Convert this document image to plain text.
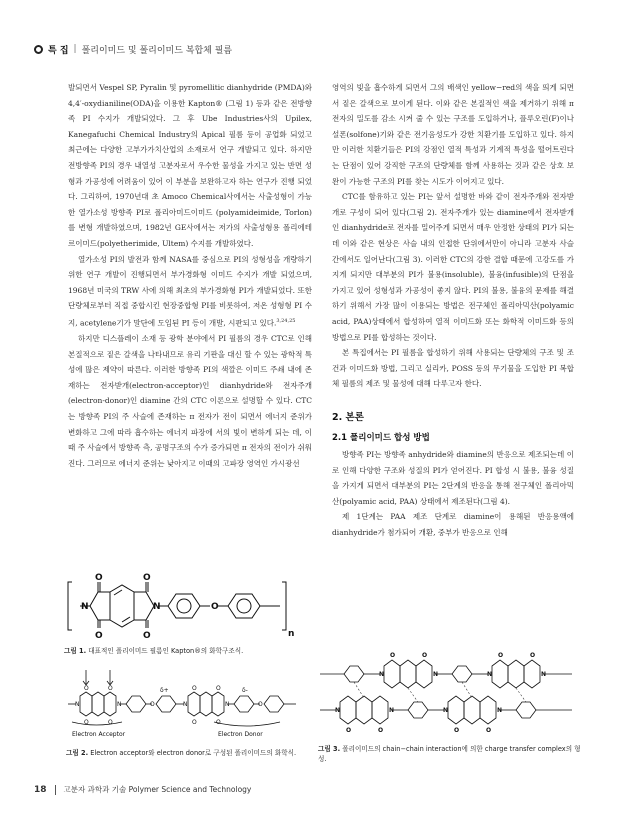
특 집 | 폴리이미드 및 폴리이미드 복합체 필름

발되면서 Vespel SP, Pyralin 및 pyromellitic dianhydride (PMDA)와 4,4′-oxydianiline(ODA)을 이용한 Kapton® (그림 1) 등과 같은 전방향족 PI 수지가 개발되었다. 그 후 Ube Industries사의 Upilex, Kanegafuchi Chemical Industry의 Apical 필름 등이 공업화 되었고 최근에는 다양한 고부가가치산업의 소재로서 연구 개발되고 있다. 하지만 전방향족 PI의 경우 내열성 고분자로서 우수한 물성을 가지고 있는 반면 성형과 가공성에 어려움이 있어 이 부분을 보완하고자 하는 연구가 진행 되었다. 그리하여, 1970년대 초 Amoco Chemical사에서는 사출성형이 가능한 열가소성 방향족 PI로 폴리아미드이미드 (polyamideimide, Torlon)를 변형 개발하였으며, 1982년 GE사에서는 저가의 사출성형용 폴리에테르이미드(polyetherimide, Ultem) 수지를 개발하였다.

열가소성 PI의 발전과 함께 NASA를 중심으로 PI의 성형성을 개량하기 위한 연구 개발이 진행되면서 부가경화형 이미드 수지가 개발 되었으며, 1968년 미국의 TRW 사에 의해 최초의 부가경화형 PI가 개발되었다. 또한 단량체로부터 직접 중합시킨 현장중합형 PI를 비롯하여, 저온 성형형 PI 수지, acetylene기가 말단에 도입된 PI 등이 개발, 시판되고 있다.$^{3,24,25}$

하지만 디스플레이 소재 등 광학 분야에서 PI 필름의 경우 CTC로 인해 본질적으로 짙은 갈색을 나타내므로 유리 기판을 대신 할 수 있는 광학적 특성에 많은 제약이 따른다. 이러한 방향족 PI의 색깔은 이미드 주쇄 내에 존재하는 전자받개(electron-acceptor)인 dianhydride와 전자주개(electron-donor)인 diamine 간의 CTC 이론으로 설명할 수 있다. CTC는 방향족 PI의 주 사슬에 존재하는 π 전자가 전이 되면서 에너지 준위가 변화하고 그에 따라 흡수하는 에너지 파장에 서의 빛이 변하게 되는 데, 이때 주 사슬에서 방향족 측, 공명구조의 수가 증가되면 π 전자의 전이가 쉬워진다. 그러므로 에너지 준위는 낮아지고 이때의 고파장 영역인 가시광선

영역의 빛을 흡수하게 되면서 그의 배색인 yellow−red의 색을 띄게 되면서 짙은 갈색으로 보이게 된다. 이와 같은 본질적인 색을 제거하기 위해 π 전자의 밀도를 감소 시켜 줄 수 있는 구조를 도입하거나, 플루오린(F)이나 설폰(solfone)기와 같은 전기음성도가 강한 치환기를 도입하고 있다. 하지만 이러한 치환기들은 PI의 강점인 열적 특성과 기계적 특성을 떨어트린다는 단점이 있어 강직한 구조의 단량체를 함께 사용하는 것과 같은 상호 보완이 가능한 구조의 PI를 찾는 시도가 이어지고 있다.

CTC를 함유하고 있는 PI는 앞서 설명한 바와 같이 전자주개와 전자받개로 구성이 되어 있다(그림 2). 전자주개가 있는 diamine에서 전자받개인 dianhydride로 전자를 밀어주게 되면서 매우 안정한 상태의 PI가 되는데 이와 같은 현상은 사슬 내의 인접한 단위에서만이 아니라 고분자 사슬 간에서도 일어난다(그림 3). 이러한 CTC의 강한 결합 때문에 고강도를 가지게 되지만 대부분의 PI가 불용(insoluble), 불융(infusible)의 단점을 가지고 있어 성형성과 가공성이 좋지 않다. PI의 불용, 불융의 문제를 해결하기 위해서 가장 많이 이용되는 방법은 전구체인 폴리아믹산(polyamic acid, PAA)상태에서 합성하여 열적 이미드화 또는 화학적 이미드화 등의 방법으로 PI를 합성하는 것이다.

본 특집에서는 PI 필름을 합성하기 위해 사용되는 단량체의 구조 및 조건과 이미드화 방법, 그리고 실리카, POSS 등의 무기물을 도입한 PI 복합체 필름의 제조 및 물성에 대해 다루고자 한다.

2. 본론
2.1 폴리이미드 합성 방법

방향족 PI는 방향족 anhydride와 diamine의 반응으로 제조되는데 이로 인해 다양한 구조와 성질의 PI가 얻어진다. PI 합성 시 불용, 불융 성질을 가지게 되면서 대부분의 PI는 2단계의 반응을 통해 전구체인 폴리아믹산(polyamic acid, PAA) 상태에서 제조된다(그림 4).

제 1단계는 PAA 제조 단계로 diamine이 용해된 반응용액에 dianhydride가 첨가되어 개환, 중부가 반응으로 인해

O	O
O	O
N	N	O
n
그림 1. 대표적인 폴리이미드 필름인 Kapton®의 화학구조식.
O	O
O	O
N	N	O	N	N	O
O	O
O	O
δ+	δ-
Electron Acceptor	Electron Donor
그림 2. Electron acceptor와 electron donor로 구성된 폴리이미드의 화학식.
O	O	O	O
N	N	N	N
N	N	N	N
O	O	O	O
그림 3. 폴리이미드의 chain−chain interaction에 의한 charge transfer complex의 형성.
18	고분자 과학과 기술 Polymer Science and Technology
